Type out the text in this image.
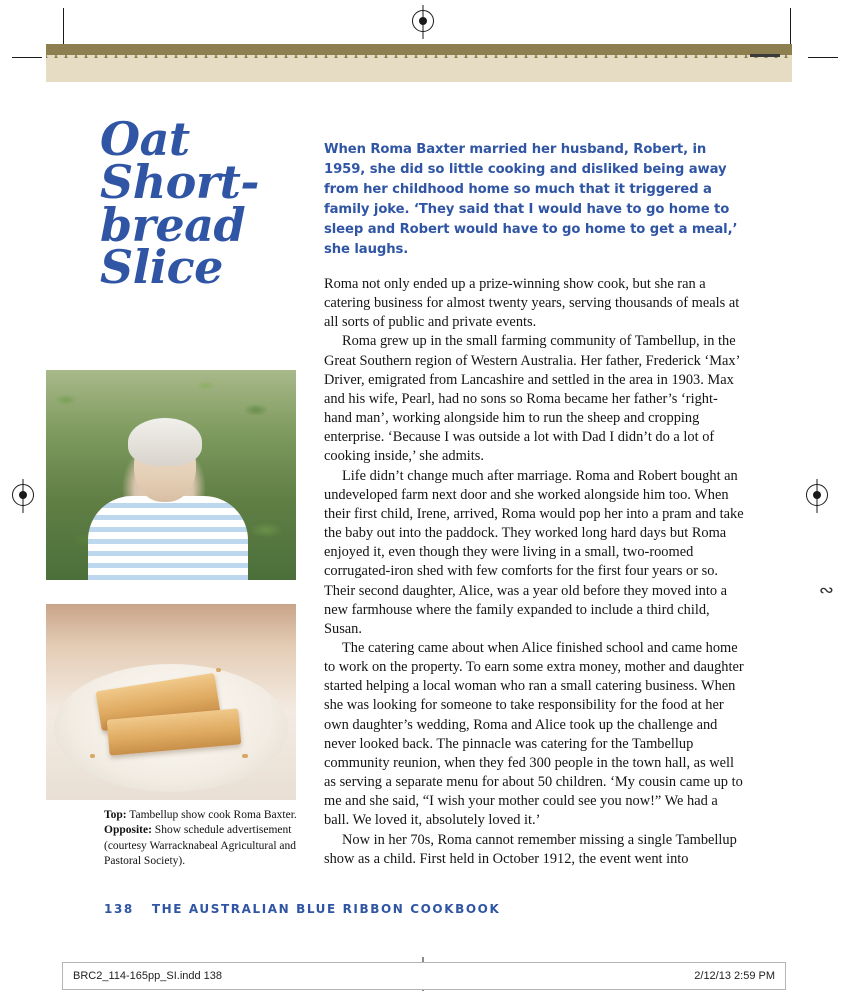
Oat
Short-
bread
Slice
Top: Tambellup show cook Roma Baxter. Opposite: Show schedule advertisement (courtesy Warracknabeal Agricultural and Pastoral Society).
When Roma Baxter married her husband, Robert, in 1959, she did so little cooking and disliked being away from her childhood home so much that it triggered a family joke. ‘They said that I would have to go home to sleep and Robert would have to go home to get a meal,’ she laughs.

Roma not only ended up a prize-winning show cook, but she ran a catering business for almost twenty years, serving thousands of meals at all sorts of public and private events.

Roma grew up in the small farming community of Tambellup, in the Great Southern region of Western Australia. Her father, Frederick ‘Max’ Driver, emigrated from Lancashire and settled in the area in 1903. Max and his wife, Pearl, had no sons so Roma became her father’s ‘right-hand man’, working alongside him to run the sheep and cropping enterprise. ‘Because I was outside a lot with Dad I didn’t do a lot of cooking inside,’ she admits.

Life didn’t change much after marriage. Roma and Robert bought an undeveloped farm next door and she worked alongside him too. When their first child, Irene, arrived, Roma would pop her into a pram and take the baby out into the paddock. They worked long hard days but Roma enjoyed it, even though they were living in a small, two-roomed corrugated-iron shed with few comforts for the first four years or so. Their second daughter, Alice, was a year old before they moved into a new farmhouse where the family expanded to include a third child, Susan.

The catering came about when Alice finished school and came home to work on the property. To earn some extra money, mother and daughter started helping a local woman who ran a small catering business. When she was looking for someone to take responsibility for the food at her own daughter’s wedding, Roma and Alice took up the challenge and never looked back. The pinnacle was catering for the Tambellup community reunion, when they fed 300 people in the town hall, as well as serving a separate menu for about 50 children. ‘My cousin came up to me and she said, “I wish your mother could see you now!” We had a ball. We loved it, absolutely loved it.’

Now in her 70s, Roma cannot remember missing a single Tambellup show as a child. First held in October 1912, the event went into

138 THE AUSTRALIAN BLUE RIBBON COOKBOOK
∾
BRC2_114-165pp_SI.indd 138	2/12/13 2:59 PM
